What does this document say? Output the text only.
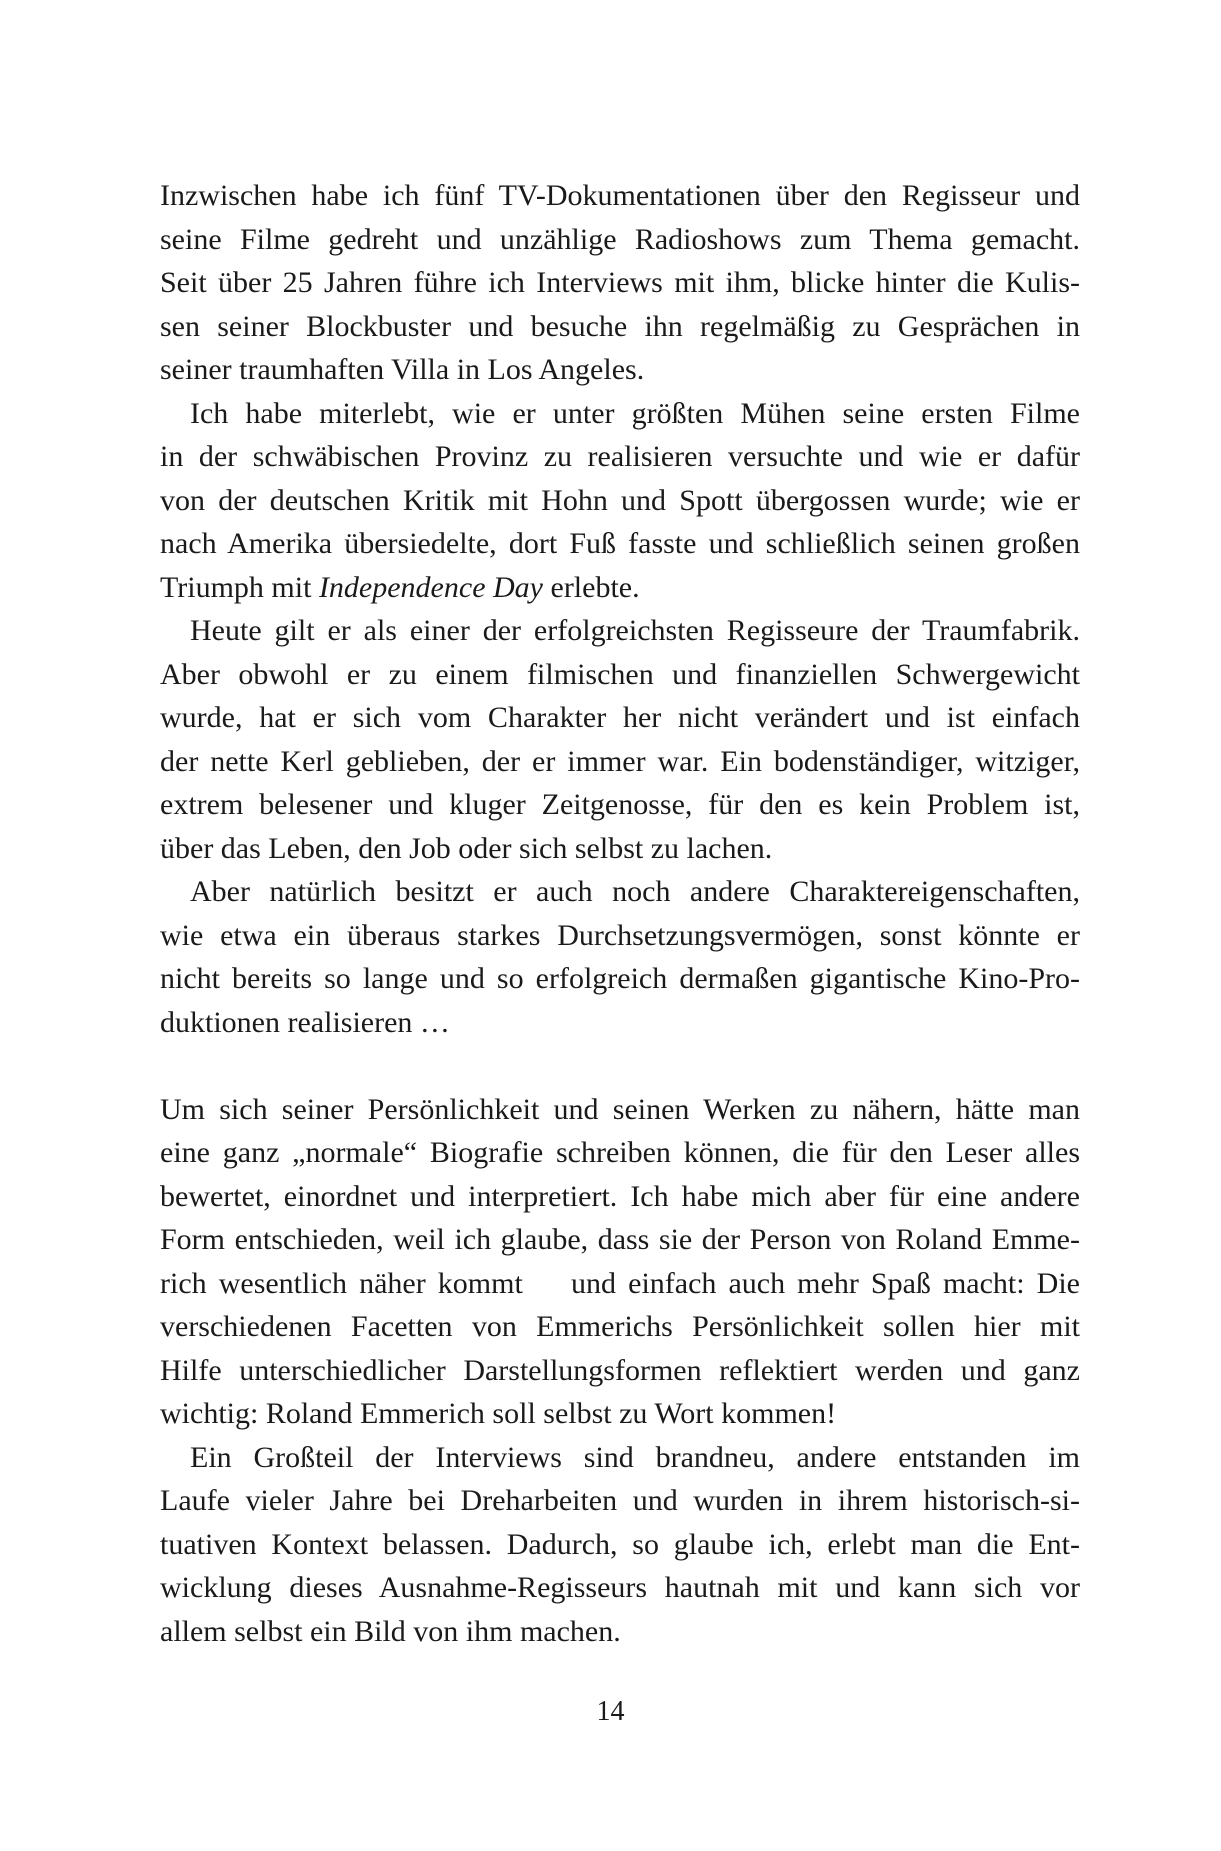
Inzwischen habe ich fünf TV-Dokumentationen über den Regisseur und
seine Filme gedreht und unzählige Radioshows zum Thema gemacht.
Seit über 25 Jahren führe ich Interviews mit ihm, blicke hinter die Kulis-
sen seiner Blockbuster und besuche ihn regelmäßig zu Gesprächen in
seiner traumhaften Villa in Los Angeles.

Ich habe miterlebt, wie er unter größten Mühen seine ersten Filme
in der schwäbischen Provinz zu realisieren versuchte und wie er dafür
von der deutschen Kritik mit Hohn und Spott übergossen wurde; wie er
nach Amerika übersiedelte, dort Fuß fasste und schließlich seinen großen
Triumph mit Independence Day erlebte.

Heute gilt er als einer der erfolgreichsten Regisseure der Traumfabrik.
Aber obwohl er zu einem filmischen und finanziellen Schwergewicht
wurde, hat er sich vom Charakter her nicht verändert und ist einfach
der nette Kerl geblieben, der er immer war. Ein bodenständiger, witziger,
extrem belesener und kluger Zeitgenosse, für den es kein Problem ist,
über das Leben, den Job oder sich selbst zu lachen.

Aber natürlich besitzt er auch noch andere Charaktereigenschaften,
wie etwa ein überaus starkes Durchsetzungsvermögen, sonst könnte er
nicht bereits so lange und so erfolgreich dermaßen gigantische Kino-Pro-
duktionen realisieren …

Um sich seiner Persönlichkeit und seinen Werken zu nähern, hätte man
eine ganz „normale“ Biografie schreiben können, die für den Leser alles
bewertet, einordnet und interpretiert. Ich habe mich aber für eine andere
Form entschieden, weil ich glaube, dass sie der Person von Roland Emme-
rich wesentlich näher kommt    und einfach auch mehr Spaß macht: Die
verschiedenen Facetten von Emmerichs Persönlichkeit sollen hier mit
Hilfe unterschiedlicher Darstellungsformen reflektiert werden und ganz
wichtig: Roland Emmerich soll selbst zu Wort kommen!

Ein Großteil der Interviews sind brandneu, andere entstanden im
Laufe vieler Jahre bei Dreharbeiten und wurden in ihrem historisch-si-
tuativen Kontext belassen. Dadurch, so glaube ich, erlebt man die Ent-
wicklung dieses Ausnahme-Regisseurs hautnah mit und kann sich vor
allem selbst ein Bild von ihm machen.

14
